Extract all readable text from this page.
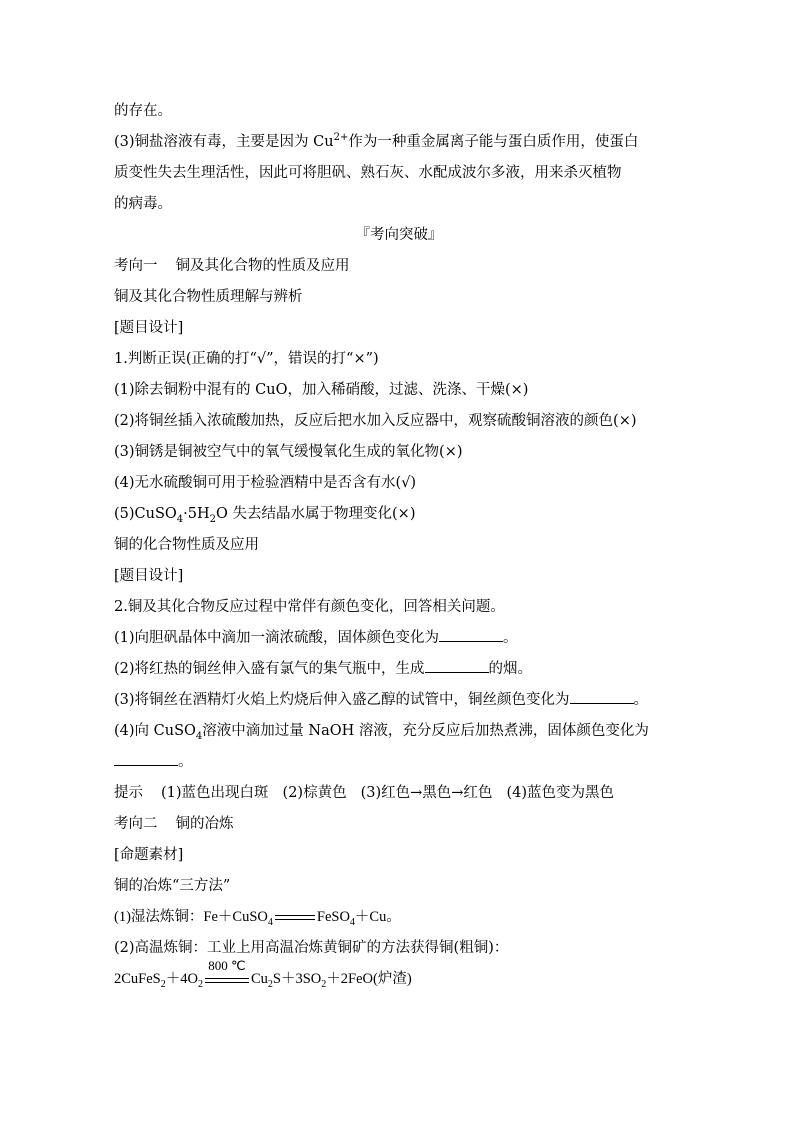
的存在。
(3)铜盐溶液有毒，主要是因为 $Cu^{2+}$作为一种重金属离子能与蛋白质作用，使蛋白
质变性失去生理活性，因此可将胆矾、熟石灰、水配成波尔多液，用来杀灭植物
的病毒。
『考向突破』
考向一 铜及其化合物的性质及应用
铜及其化合物性质理解与辨析
[题目设计]
1.判断正误(正确的打“√”，错误的打“×”)
(1)除去铜粉中混有的 CuO，加入稀硝酸，过滤、洗涤、干燥(×)
(2)将铜丝插入浓硫酸加热，反应后把水加入反应器中，观察硫酸铜溶液的颜色(×)
(3)铜锈是铜被空气中的氧气缓慢氧化生成的氧化物(×)
(4)无水硫酸铜可用于检验酒精中是否含有水(√)
$(5)CuSO_4\cdot 5H_2O$ 失去结晶水属于物理变化(×)
铜的化合物性质及应用
[题目设计]
2.铜及其化合物反应过程中常伴有颜色变化，回答相关问题。
(1)向胆矾晶体中滴加一滴浓硫酸，固体颜色变化为	。
(2)将红热的铜丝伸入盛有氯气的集气瓶中，生成	的烟。
(3)将铜丝在酒精灯火焰上灼烧后伸入盛乙醇的试管中，铜丝颜色变化为	。
(4)向 CuSO$_4$溶液中滴加过量 NaOH 溶液，充分反应后加热煮沸，固体颜色变化为
。
提示 (1)蓝色出现白斑 (2)棕黄色 (3)红色→黑色→红色 (4)蓝色变为黑色
考向二 铜的冶炼
[命题素材]
铜的冶炼“三方法”
(1)湿法炼铜：Fe＋CuSO$_4$	FeSO$_4$＋Cu。
(2)高温炼铜：工业上用高温冶炼黄铜矿的方法获得铜(粗铜)：
$2CuFeS_2+4O_2$
800 ℃
$Cu_2S+3SO_2+2FeO$(炉渣)
